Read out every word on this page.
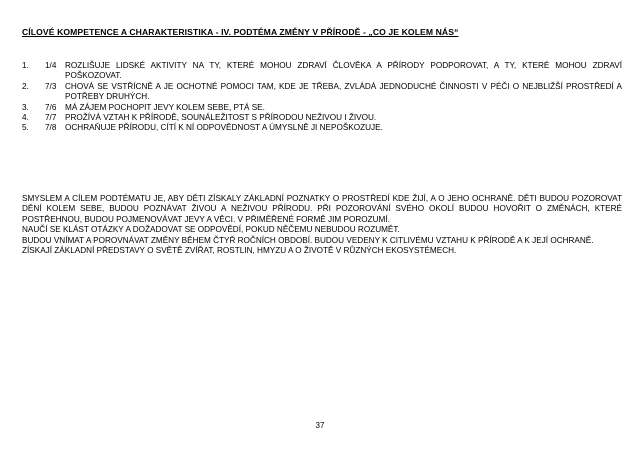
CÍLOVÉ KOMPETENCE A CHARAKTERISTIKA - IV. PODTÉMA ZMĚNY V PŘÍRODĚ - „CO JE KOLEM NÁS“
1.	1/4	ROZLIŠUJE LIDSKÉ AKTIVITY NA TY, KTERÉ MOHOU ZDRAVÍ ČLOVĚKA A PŘÍRODY PODPOROVAT, A TY, KTERÉ MOHOU ZDRAVÍ POŠKOZOVAT.
2.	7/3	CHOVÁ SE VSTŘÍCNĚ A JE OCHOTNÉ POMOCI TAM, KDE JE TŘEBA, ZVLÁDÁ JEDNODUCHÉ ČINNOSTI V PÉČI O NEJBLIŽŠÍ PROSTŘEDÍ A POTŘEBY DRUHÝCH.
3.	7/6	MÁ ZÁJEM POCHOPIT JEVY KOLEM SEBE, PTÁ SE.
4.	7/7	PROŽÍVÁ VZTAH K PŘÍRODĚ, SOUNÁLEŽITOST S PŘÍRODOU NEŽIVOU I ŽIVOU.
5.	7/8	OCHRAŇUJE PŘÍRODU, CÍTÍ K NÍ ODPOVĚDNOST A ÚMYSLNĚ JI NEPOŠKOZUJE.

SMYSLEM A CÍLEM PODTÉMATU JE, ABY DĚTI ZÍSKALY ZÁKLADNÍ POZNATKY O PROSTŘEDÍ KDE ŽIJÍ, A O JEHO OCHRANĚ. DĚTI BUDOU POZOROVAT DĚNÍ KOLEM SEBE, BUDOU POZNÁVAT ŽIVOU A NEŽIVOU PŘÍRODU. PŘI POZOROVÁNÍ SVÉHO OKOLÍ BUDOU HOVOŘIT O ZMĚNÁCH, KTERÉ POSTŘEHNOU, BUDOU POJMENOVÁVAT JEVY A VĚCI. V PŘIMĚŘENÉ FORMĚ JIM POROZUMÍ.

NAUČÍ SE KLÁST OTÁZKY A DOŽADOVAT SE ODPOVĚDÍ, POKUD NĚČEMU NEBUDOU ROZUMĚT.

BUDOU VNÍMAT A POROVNÁVAT ZMĚNY BĚHEM ČTYŘ ROČNÍCH OBDOBÍ. BUDOU VEDENY K CITLIVÉMU VZTAHU K PŘÍRODĚ A K JEJÍ OCHRANĚ.

ZÍSKAJÍ ZÁKLADNÍ PŘEDSTAVY O SVĚTĚ ZVÍŘAT, ROSTLIN, HMYZU A O ŽIVOTĚ V RŮZNÝCH EKOSYSTÉMECH.

37
